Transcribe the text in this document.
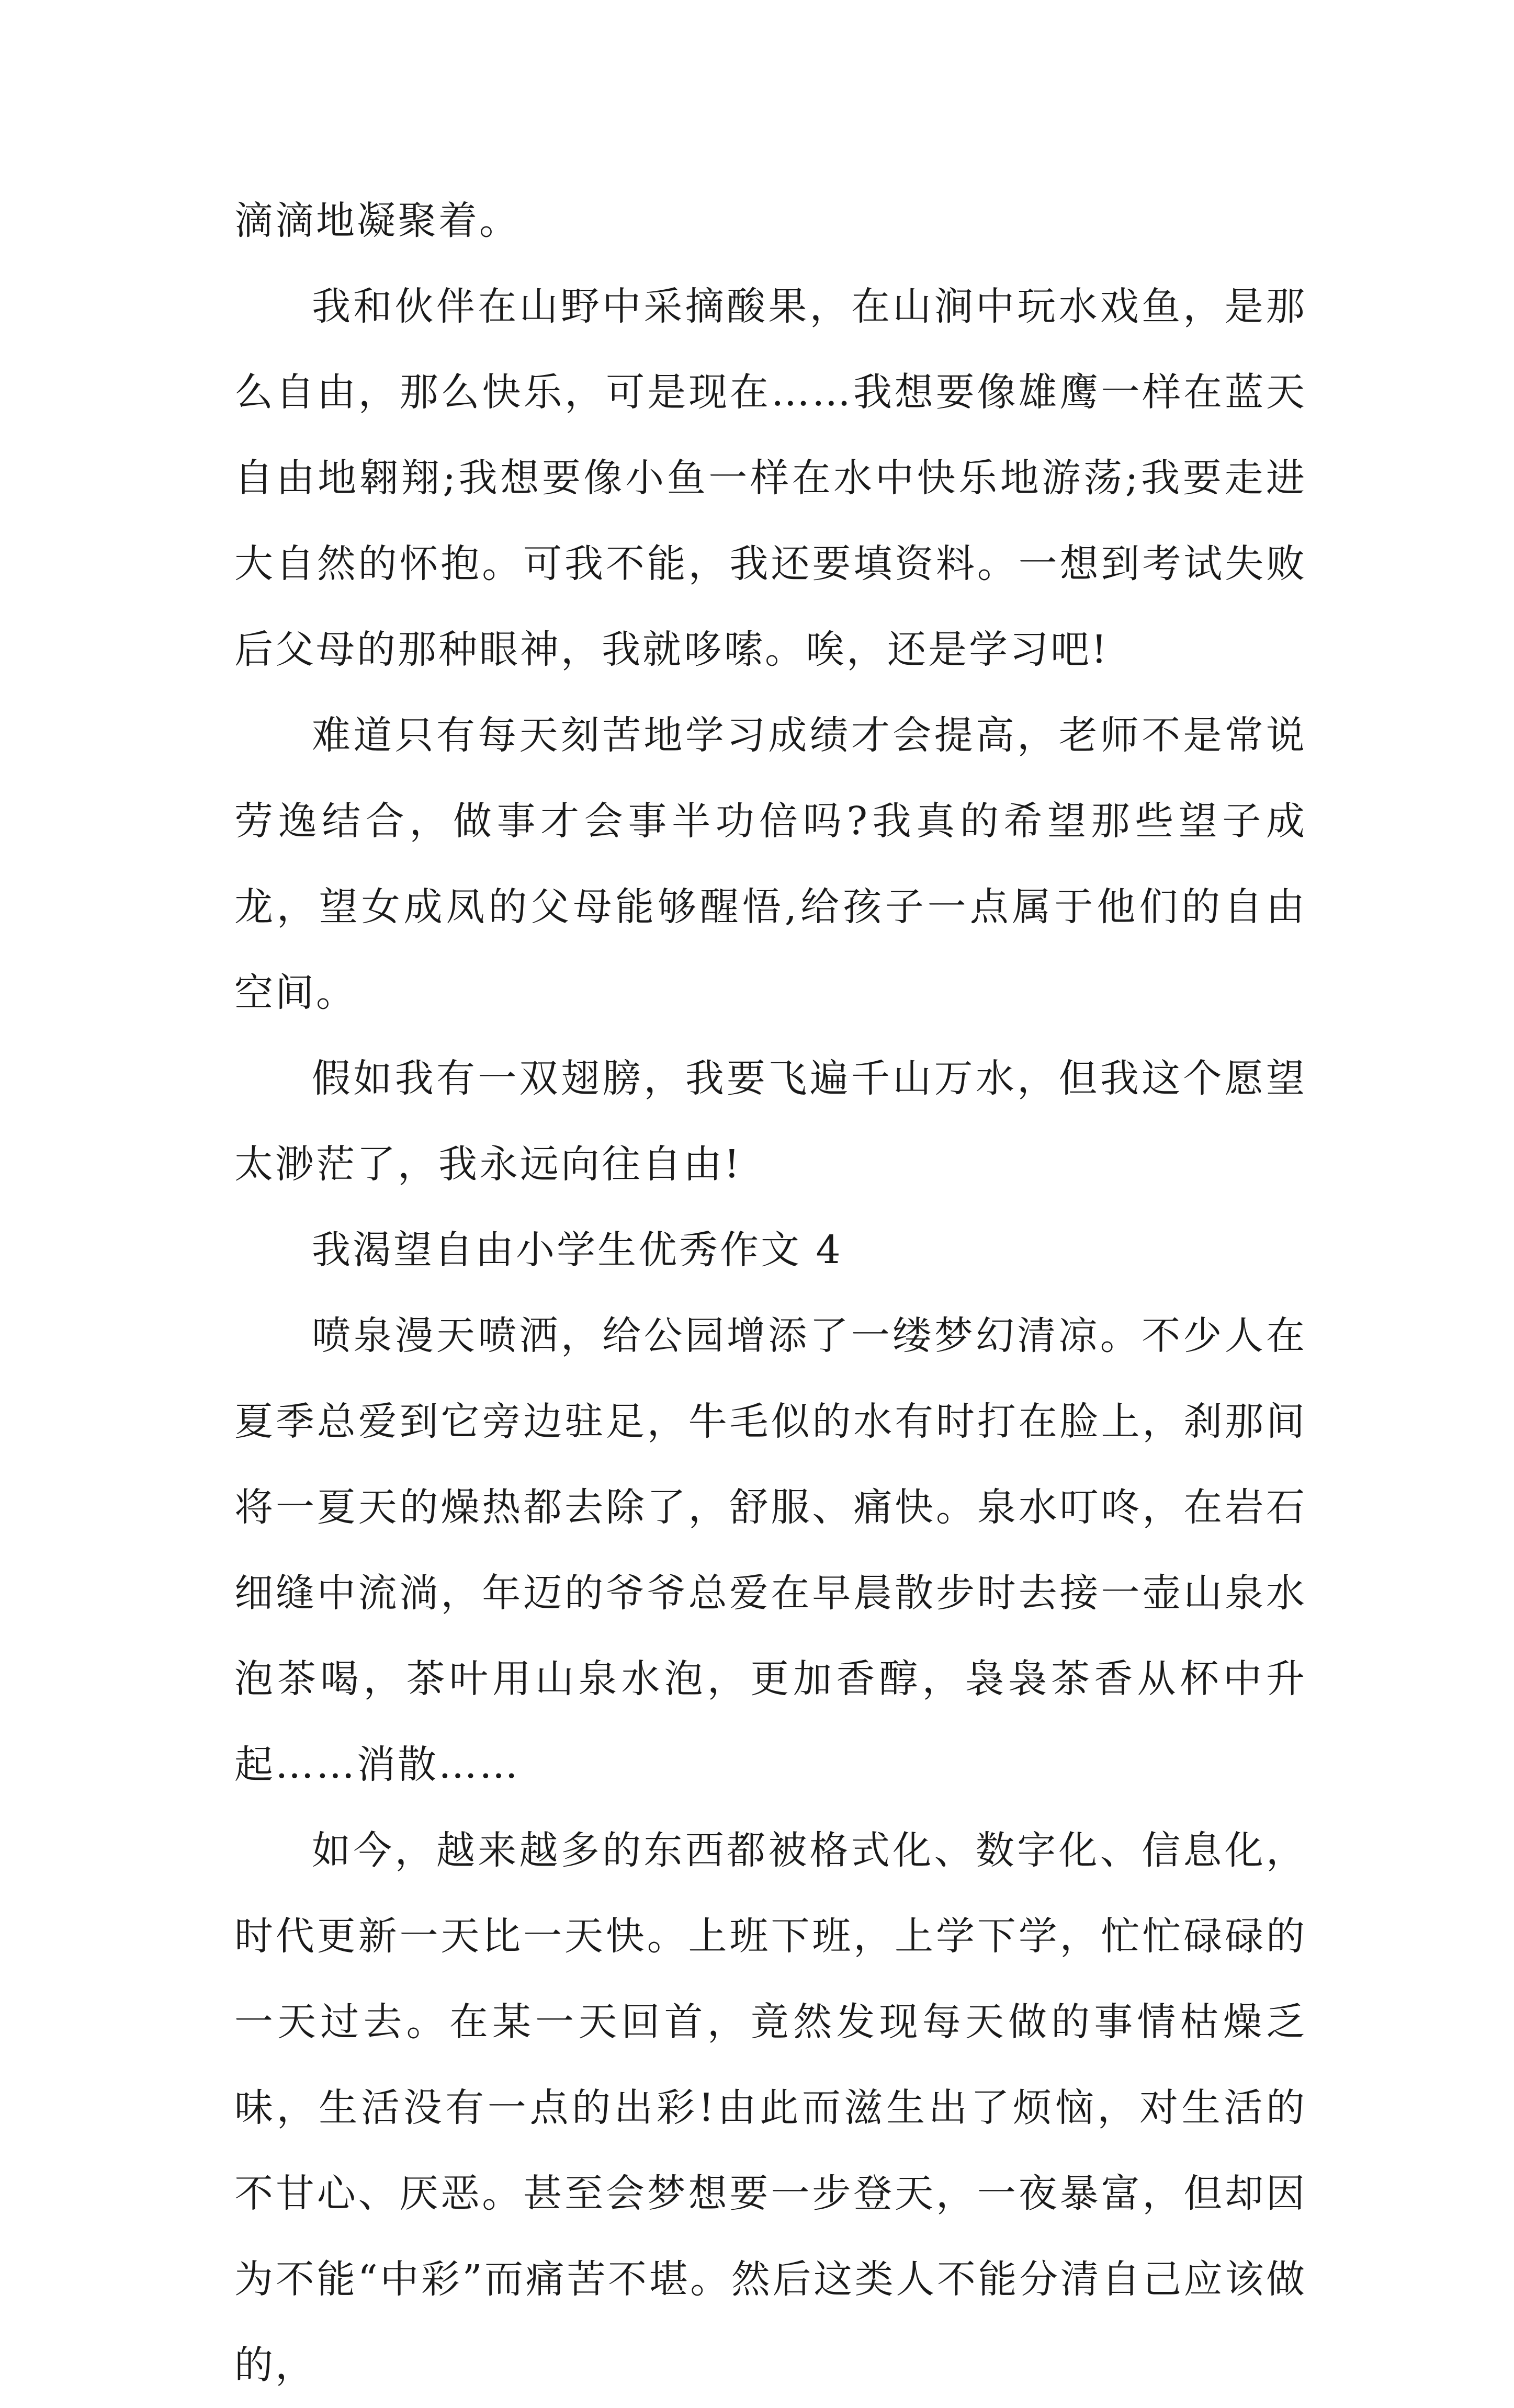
滴滴地凝聚着。

我和伙伴在山野中采摘酸果，在山涧中玩水戏鱼，是那么自由，那么快乐，可是现在……我想要像雄鹰一样在蓝天自由地翱翔;我想要像小鱼一样在水中快乐地游荡;我要走进大自然的怀抱。可我不能，我还要填资料。一想到考试失败后父母的那种眼神，我就哆嗦。唉，还是学习吧!

难道只有每天刻苦地学习成绩才会提高，老师不是常说劳逸结合，做事才会事半功倍吗?我真的希望那些望子成龙，望女成凤的父母能够醒悟,给孩子一点属于他们的自由空间。

假如我有一双翅膀，我要飞遍千山万水，但我这个愿望太渺茫了，我永远向往自由!

我渴望自由小学生优秀作文 4

喷泉漫天喷洒，给公园增添了一缕梦幻清凉。不少人在夏季总爱到它旁边驻足，牛毛似的水有时打在脸上，刹那间将一夏天的燥热都去除了，舒服、痛快。泉水叮咚，在岩石细缝中流淌，年迈的爷爷总爱在早晨散步时去接一壶山泉水泡茶喝，茶叶用山泉水泡，更加香醇，袅袅茶香从杯中升起……消散……

如今，越来越多的东西都被格式化、数字化、信息化，时代更新一天比一天快。上班下班，上学下学，忙忙碌碌的一天过去。在某一天回首，竟然发现每天做的事情枯燥乏味，生活没有一点的出彩!由此而滋生出了烦恼，对生活的不甘心、厌恶。甚至会梦想要一步登天，一夜暴富，但却因为不能“中彩”而痛苦不堪。然后这类人不能分清自己应该做的，
